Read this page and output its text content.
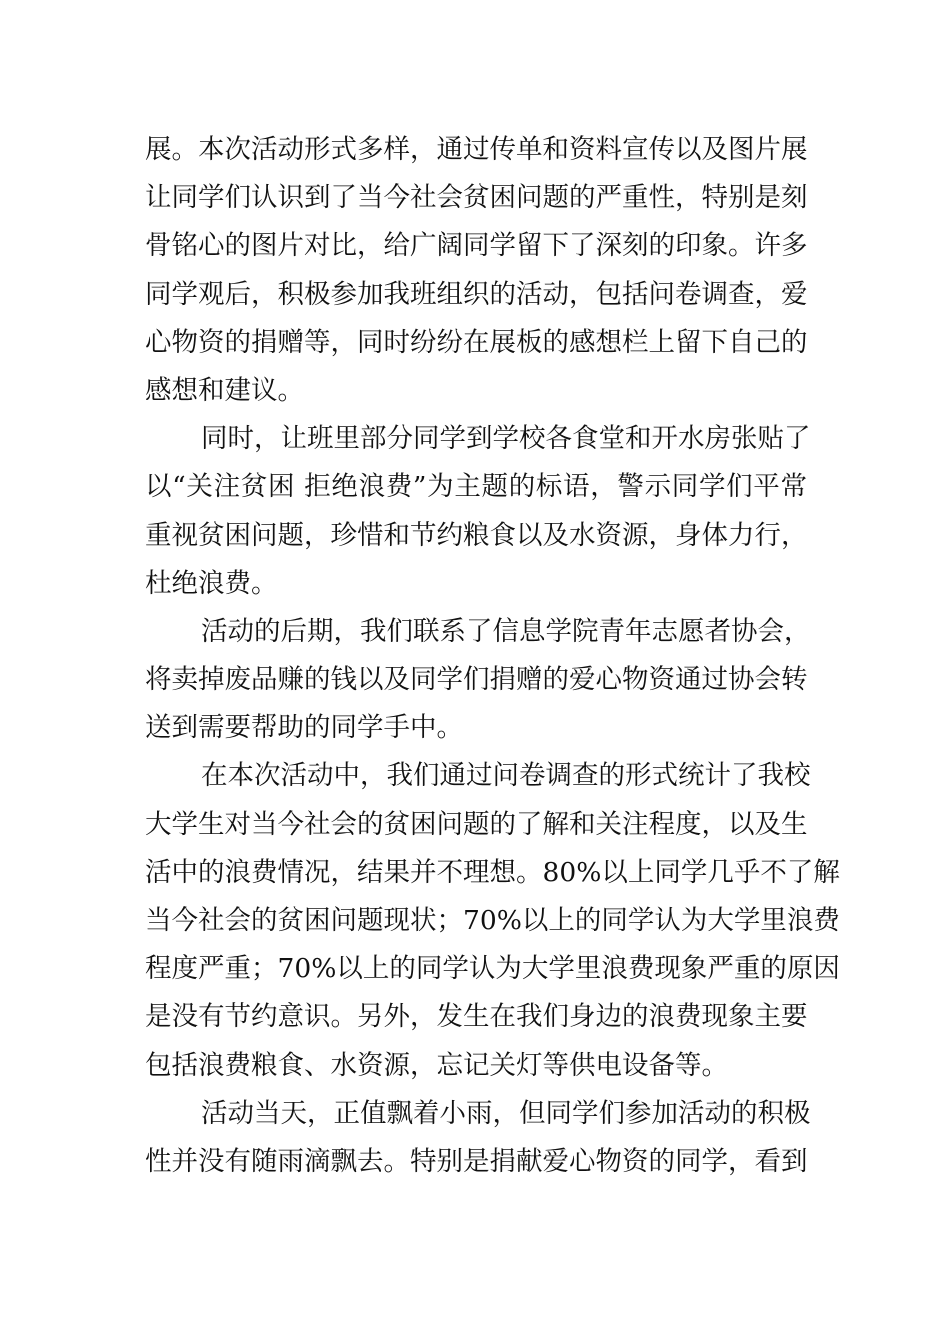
展。本次活动形式多样，通过传单和资料宣传以及图片展
让同学们认识到了当今社会贫困问题的严重性，特别是刻
骨铭心的图片对比，给广阔同学留下了深刻的印象。许多
同学观后，积极参加我班组织的活动，包括问卷调查，爱
心物资的捐赠等，同时纷纷在展板的感想栏上留下自己的
感想和建议。
同时，让班里部分同学到学校各食堂和开水房张贴了
以“关注贫困 拒绝浪费”为主题的标语，警示同学们平常
重视贫困问题，珍惜和节约粮食以及水资源，身体力行，
杜绝浪费。
活动的后期，我们联系了信息学院青年志愿者协会，
将卖掉废品赚的钱以及同学们捐赠的爱心物资通过协会转
送到需要帮助的同学手中。
在本次活动中，我们通过问卷调查的形式统计了我校
大学生对当今社会的贫困问题的了解和关注程度，以及生
活中的浪费情况，结果并不理想。80%以上同学几乎不了解
当今社会的贫困问题现状；70%以上的同学认为大学里浪费
程度严重；70%以上的同学认为大学里浪费现象严重的原因
是没有节约意识。另外，发生在我们身边的浪费现象主要
包括浪费粮食、水资源，忘记关灯等供电设备等。
活动当天，正值飘着小雨，但同学们参加活动的积极
性并没有随雨滴飘去。特别是捐献爱心物资的同学，看到
